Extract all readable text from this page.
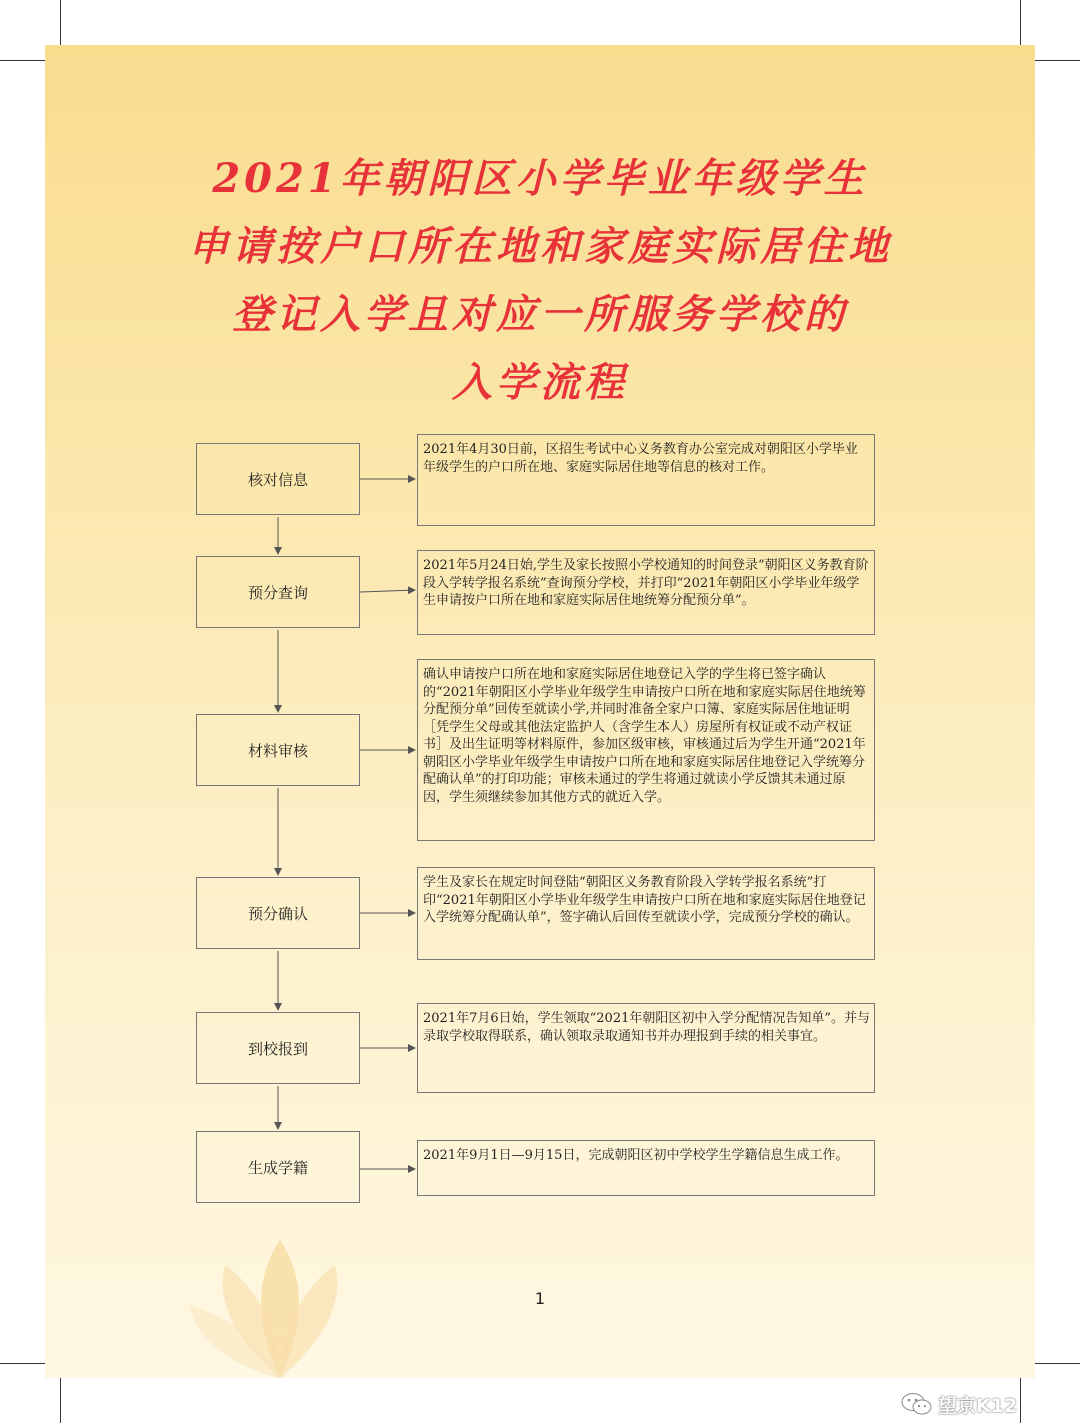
2021年朝阳区小学毕业年级学生
申请按户口所在地和家庭实际居住地
登记入学且对应一所服务学校的
入学流程
核对信息
预分查询
材料审核
预分确认
到校报到
生成学籍
2021年4月30日前，区招生考试中心义务教育办公室完成对朝阳区小学毕业年级学生的户口所在地、家庭实际居住地等信息的核对工作。
2021年5月24日始,学生及家长按照小学校通知的时间登录“朝阳区义务教育阶段入学转学报名系统”查询预分学校，并打印“2021年朝阳区小学毕业年级学生申请按户口所在地和家庭实际居住地统筹分配预分单”。
确认申请按户口所在地和家庭实际居住地登记入学的学生将已签字确认的“2021年朝阳区小学毕业年级学生申请按户口所在地和家庭实际居住地统筹分配预分单”回传至就读小学,并同时准备全家户口簿、家庭实际居住地证明［凭学生父母或其他法定监护人（含学生本人）房屋所有权证或不动产权证书］及出生证明等材料原件，参加区级审核，审核通过后为学生开通“2021年朝阳区小学毕业年级学生申请按户口所在地和家庭实际居住地登记入学统筹分配确认单”的打印功能；审核未通过的学生将通过就读小学反馈其未通过原因，学生须继续参加其他方式的就近入学。
学生及家长在规定时间登陆“朝阳区义务教育阶段入学转学报名系统”打印“2021年朝阳区小学毕业年级学生申请按户口所在地和家庭实际居住地登记入学统筹分配确认单”，签字确认后回传至就读小学，完成预分学校的确认。
2021年7月6日始，学生领取“2021年朝阳区初中入学分配情况告知单”。并与录取学校取得联系，确认领取录取通知书并办理报到手续的相关事宜。
2021年9月1日—9月15日，完成朝阳区初中学校学生学籍信息生成工作。
1
望京K12
